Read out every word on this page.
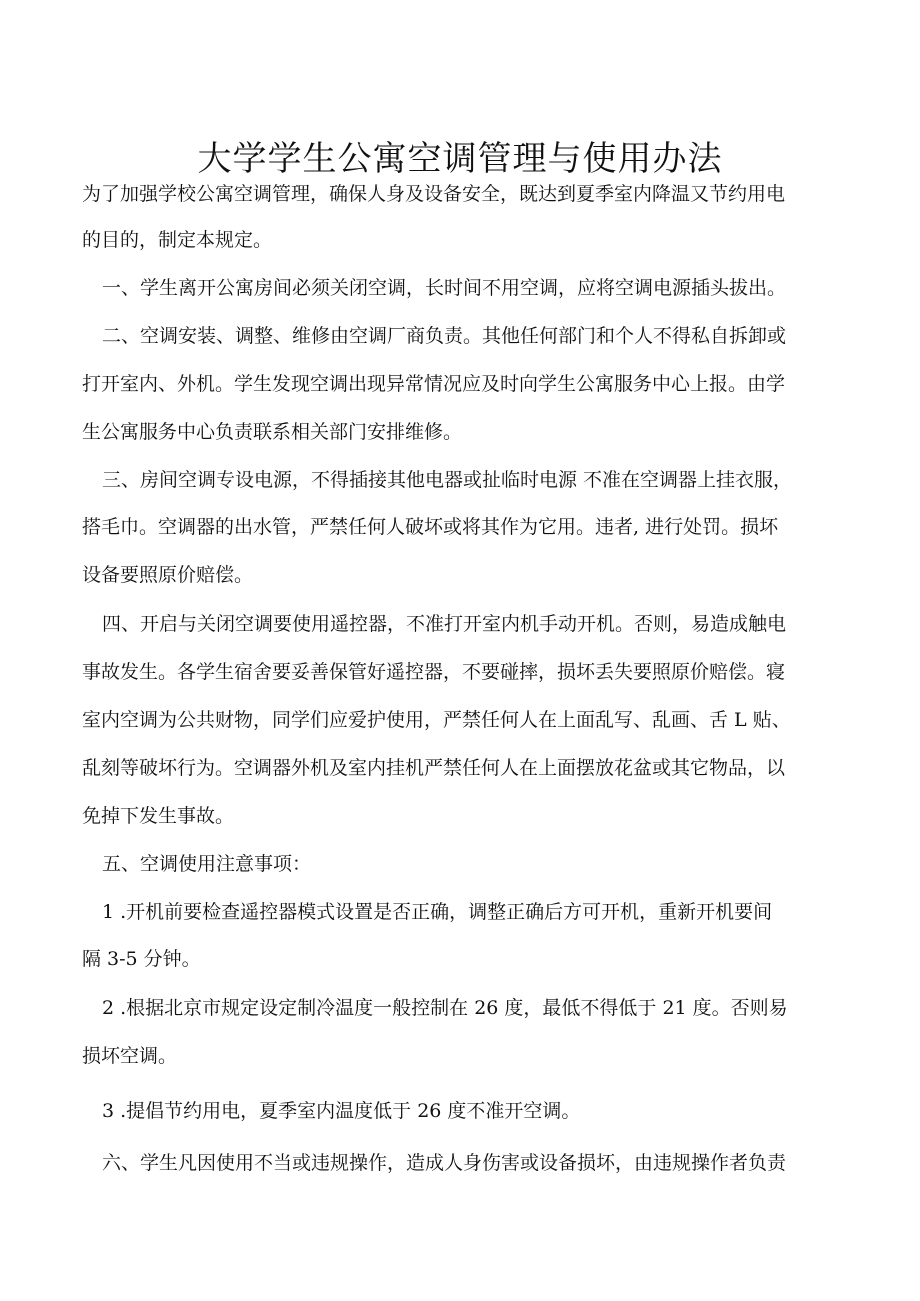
大学学生公寓空调管理与使用办法
为了加强学校公寓空调管理，确保人身及设备安全，既达到夏季室内降温又节约用电
的目的，制定本规定。
一、学生离开公寓房间必须关闭空调，长时间不用空调，应将空调电源插头拔出。
二、空调安装、调整、维修由空调厂商负责。其他任何部门和个人不得私自拆卸或
打开室内、外机。学生发现空调出现异常情况应及时向学生公寓服务中心上报。由学
生公寓服务中心负责联系相关部门安排维修。
三、房间空调专设电源，不得插接其他电器或扯临时电源 不准在空调器上挂衣服，
搭毛巾。空调器的出水管，严禁任何人破坏或将其作为它用。违者, 进行处罚。损坏
设备要照原价赔偿。
四、开启与关闭空调要使用遥控器，不准打开室内机手动开机。否则，易造成触电
事故发生。各学生宿舍要妥善保管好遥控器，不要碰摔，损坏丢失要照原价赔偿。寝
室内空调为公共财物，同学们应爱护使用，严禁任何人在上面乱写、乱画、舌 L 贴、
乱刻等破坏行为。空调器外机及室内挂机严禁任何人在上面摆放花盆或其它物品，以
免掉下发生事故。
五、空调使用注意事项：
1 .开机前要检查遥控器模式设置是否正确，调整正确后方可开机，重新开机要间
隔 3-5 分钟。
2 .根据北京市规定设定制冷温度一般控制在 26 度，最低不得低于 21 度。否则易
损坏空调。
3 .提倡节约用电，夏季室内温度低于 26 度不准开空调。
六、学生凡因使用不当或违规操作，造成人身伤害或设备损坏，由违规操作者负责
